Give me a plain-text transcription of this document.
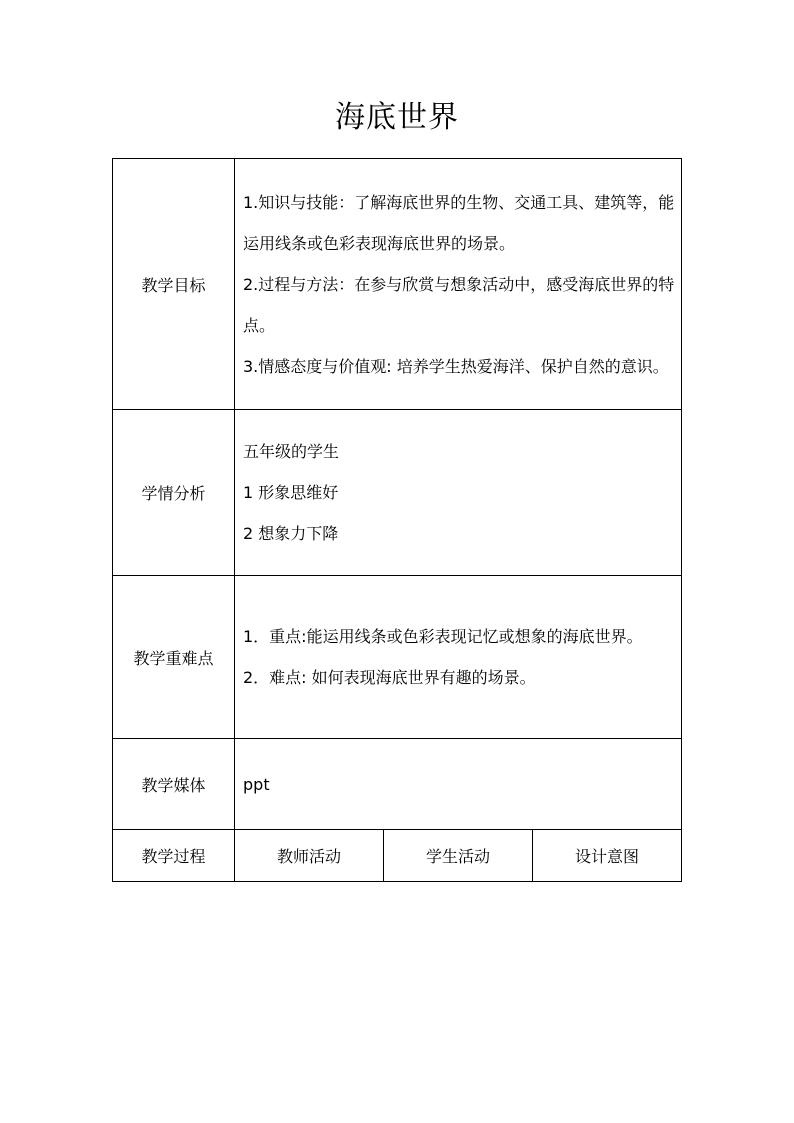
海底世界
教学目标	1.知识与技能：了解海底世界的生物、交通工具、建筑等，能运用线条或色彩表现海底世界的场景。
2.过程与方法：在参与欣赏与想象活动中，感受海底世界的特点。
3.情感态度与价值观: 培养学生热爱海洋、保护自然的意识。		

学情分析	五年级的学生
1 形象思维好
2 想象力下降		

教学重难点	1．重点:能运用线条或色彩表现记忆或想象的海底世界。
2．难点: 如何表现海底世界有趣的场景。		

教学媒体	ppt		
教学过程	教师活动	学生活动	设计意图
